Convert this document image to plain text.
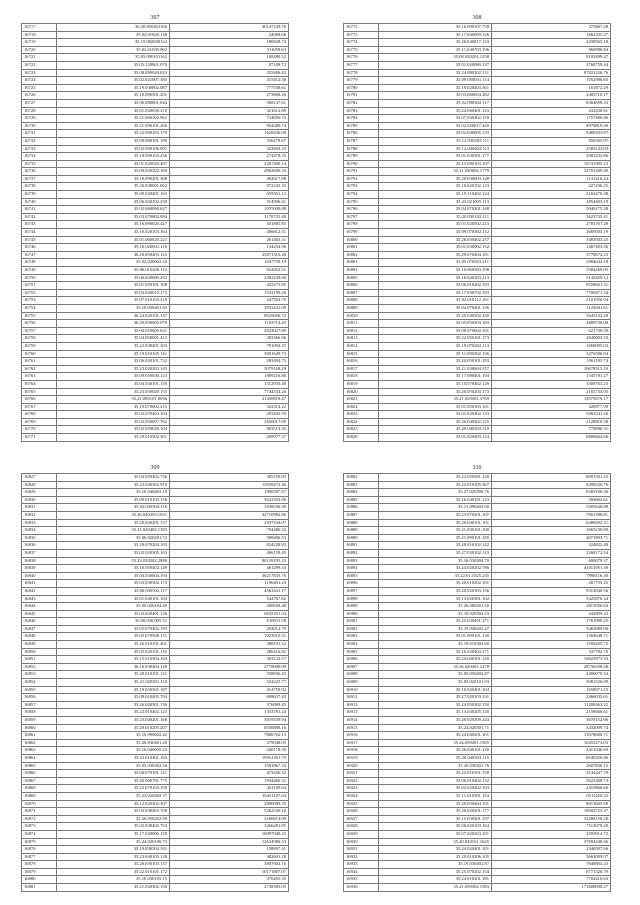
307
16717	36.20.850401166	30147239.76
16718	35.02.91020.138	24968.66
16719	35.19.082030124	180828.74
16720	35.02.61030.962	311059.63
16721	35.05.090101162	108480.52
16722	35.05.120801.070	87108.72
16723	35.08.090020.023	255406.42
16724	35.02.021007.385	415412.56
16725	35.19.030802.087	777538.61
16726	35.10.080501.201	273868.20
16727	35.06.080801.044	568147.61
16728	35.01.020030.210	321612.89
16729	35.21.060102.962	724856.72
16730	35.21.090101.266	834480.74
16731	35.22.090103.179	1628436.00
16732	35.09.080101.199	336278.67
16733	35.02.090106.001	322604.33
16734	35.18.090103.236	274478.35
16735	35.01.020020.487	2267400.14
16736	35.09.020202.169	4962606.33
16737	35.10.090201.308	402617.88
16738	35.26.030001.062	872243.35
16739	35.09.020201.163	655561.12
16740	35.06.020102.239	514906.41
16741	35.02.060080.627	1055009.88
16742	35.03.070802.084	3170725.48
16743	35.16.090020.427	301885.85
16744	35.16.020103.164	406612.31
16745	35.01.060020.221	261463.31
16746	35.16.020601.110	134254.96
16747	36.20.850403.123	23871310.40
16748	35.02.020002.34	1047759.19
16749	35.06.010200.112	652652.51
16750	35.06.020080.232	2392239.60
16751	35.01.050101.108	425273.85
16752	35.03.020010.172	1543199.26
16753	35.07.010103.218	247504.70
16754	35.10.030401.83	2933441.09
16755	36.24.020101.137	8610656.72
16756	36.20.050005.079	1103714.45
16757	35.04.010005.621	2923027.89
16758	35.04.050001.413	203366.96
16759	35.22.030201.303	791094.37
16760	35.19.010105.141	3901649.73
16761	35.06.020101.732	283494.72
16762	35.23.020203.143	5079168.29
16763	35.09.050030.123	1889216.80
16764	35.04.030101.159	1512933.40
16765	35.23.050020.155	7744534.20
16766	35.21.080101.0036	21450818.47
16767	35.19.070002.215	322314.22
16768	35.02.070403.104	293202.59
16769	35.02.050007.762	1650017.69
16770	35.02.050030.104	803514.35
16771	35.29.010502.301	269977.37
308
16772	35.16.090107.758	375867.28
16773	35.17.040009.126	1662335.37
16774	35.26.040817.133	2438565.18
16775	35.11.040703.196	860986.84
16776	35.08.020201.1258	8103499.47
16777	35.01.020080.137	3768759.44
16778	35.24.080302.131	87821226.76
16779	35.09.050031.114	1052986.83
16780	35.19.020403.361	161872.29
16781	35.03.060004.382	2483710.17
16782	35.02.090302.117	8304858.33
16783	35.24.060401.123	432430.61
16784	35.07.030402.159	1757496.86
16785	35.02.020017.420	8976819.40
16786	35.02.040005.133	9469333.87
16787	35.12.030302.111	856565.97
16788	35.12.040404.113	2582143.03
16789	35.01.030501.177	2983232.86
16790	35.13.080103.107	10741905.13
16791	35.21.040002.1779	32781209.40
16792	35.20.030003.148	1131416.24
16793	35.10.020102.123	427436.25
16794	35.19.110402.124	2163476.38
16795	35.23.021005.113	2854403.19
16796	35.04.070201.148	5040175.38
16797	35.20.030102.111	5623735.41
16798	35.01.020502.223	2783767.28
16799	35.09.070302.112	2669503.19
16800	35.26.050402.257	3383943.25
16801	35.01.030002.132	1407493.56
16802	35.29.070404.161	3778674.23
16803	35.05.070503.211	2984642.18
16804	35.10.060503.198	5304269.05
16805	35.18.020203.213	5143459.12
16806	35.06.010202.103	8558661.31
16807	35.17.030702.103	7700471.34
16808	35.02.010112.161	2101950.04
16809	35.04.070401.136	1123041.61
16810	35.20.040302.430	5643132.28
16811	35.05.050403.183	4889730.08
16812	35.08.070602.101	621739.39
16813	35.22.050101.173	2640003.53
16814	35.19.070202.113	1068095.03
16815	35.11.090302.156	3476586.94
16816	35.20.050101.193	1061185.74
16817	35.21.030604.257	10678515.10
16818	35.17.080401.194	1345781.27
16819	35.10.070402.129	3308763.23
16820	35.20.050203.173	2181733.05
16821	35.21.020301.3769	14975679.17
16822	35.01.050103.101	426977.99
16823	35.01.020402.133	3982541.26
16824	35.20.040302.125	2128810.38
16825	35.29.040203.119	778886.31
16826	35.01.020403.124	6806664.66
309
16827	35.04.050402.736	385150.83
16828	35.23.040302.910	15839272.46
16829	35.10.040403.19	1806587.67
16830	35.09.010103.156	5622333.96
16831	35.02.030304.116	1038536.90
16832	35.26.040203.1051	32710982.86
16833	35.20.020201.137	2937104.07
16834	35.21.020402.1383	794486.32
16835	35.06.020201.53	398406.53
16836	35.18.070204.103	824228.82
16837	35.02.020305.103	466158.45
16838	35.23.030202.2886	80139195.23
16839	35.10.050402.149	461299.33
16840	35.04.030604.193	36217635.76
16841	35.03.050302.174	1196401.23
16842	35.06.030502.117	4563441.17
16843	35.01.040101.104	544767.82
16844	35.00.020104.49	200658.48
16845	35.03.020401.136	6835351.54
16846	35.00.030.005.51	616911.58
16847	35.05.070402.195	263012.79
16848	35.05.070508.151	1023910.51
16849	35.26.010101.201	388191.22
16850	35.05.020101.135	286416.82
16851	35.15.010304.164	303132.57
16852	36.16.030404.128	2778000.09
16853	35.28.010101.121	558836.25
16854	35.21.020301.110	524225.77
16855	35.19.030301.187	414759.92
16856	35.08.010405.784	608637.43
16857	35.26.020301.136	376999.45
16858	35.22.010402.123	1353781.24
16859	35.23.040201.168	3019539.94
16860	35.20.010205.207	6556888.16
16861	35.10.090602.42	7806762.13
16862	35.20.030401.20	279048.05
16863	35.10.040005.25	240178.39
16864	35.23.010301.192	19912391.70
16865	35.05.030302.56	1501867.33
16866	35.06.070101.121	473456.32
16867	35.20.060701.775	1944466.31
16868	35.22.070103.150	421109.64
16869	35.23.020402.37	16451107.64
16870	35.12.020302.307	2800089.35
16871	35.03.030403.708	5262330.16
16872	35.26.050202.99	3166913.09
16873	35.02.030402.753	3266281.85
16874	35.17.020006.158	10097940.25
16875	35.24.020106.73	12634986.53
16876	35.19.030504.161	138897.41
16877	35.23.040105.128	482601.28
16878	35.20.030103.137	3807602.16
16879	35.22.010101.172	10171807.07
16880	35.10.030105.15	376265.35
16881	35.21.020302.150	2738583.05
310
16882	35.23.050501.120	6091501.25
16883	35.22.010105.367	6398526.76
16884	35.27.020306.76	6583196.36
16885	35.16.040101.123	504602.61
16886	35.15.090402.60	3305626.88
16887	35.23.070201.107	7001588.81
16888	35.20.040101.101	6488492.31
16889	35.21.030101.100	2665230.89
16890	35.21.090101.185	4071893.71
16891	35.20.010102.142	324822.48
16892	35.27.020102.123	2268172.54
16893	35.16.030304.70	600079.37
16894	35.24.020202.786	41813951.39
16895	35.22.01.1025.235	7998116.40
16896	35.20.010202.101	267755.25
16897	35.20.020103.156	9314040.56
16898	35.13.020301.102	5425876.34
16899	35.26.080401.50	2813956.84
16900	35.18.020302.53	442809.43
16901	35.22.030401.271	1763980.25
16902	35.19.040202.47	3463089.06
16903	35.01.090101.130	1304648.71
16904	35.18.010302.60	1058205.72
16905	35.16.020403.171	347782.76
16906	35.24.040101.120	10623973.33
16907	35.26.020401.1478	28736358.48
16908	35.05.050403.87	4400079.34
16909	35.03.020101.93	3081526.09
16910	35.10.020401.104	1658971.25
16911	35.27.020103.131	2466035.61
16912	35.24.050302.150	11206363.22
16913	35.13.040205.150	2158666.61
16914	35.20.020309.243	3678152.96
16915	35.24.020301.71	3432009.74
16916	35.24.040201.101	13078600.71
16917	35.24.050201.1565	10455273.03
16918	35.26.040101.120	3412346.60
16919	35.20.040303.115	8540356.86
16920	35.20.050301.76	2607830.15
16921	35.22.010101.158	2144447.70
16922	35.06.010402.132	5622368.73
16923	35.02.020402.103	2410866.66
16924	35.11.010501.154	6511450.22
16925	35.20.030404.101	8013665.68
16926	35.20.020201.177	10604723.37
16927	35.15.030401.197	33288158.20
16928	35.06.020103.164	7513079.20
16929	35.07.020203.101	2593914.73
16930	35.20.020101.1645	37694248.46
16931	35.24.020401.101	2346507.66
16932	35.29.010206.105	5663099.07
16933	35.19.030402.87	7648804.23
16934	35.25.070202.154	6771526.79
16935	35.24.010201.181	7704410.63
16936	35.21.050302.1583	171608098.27
